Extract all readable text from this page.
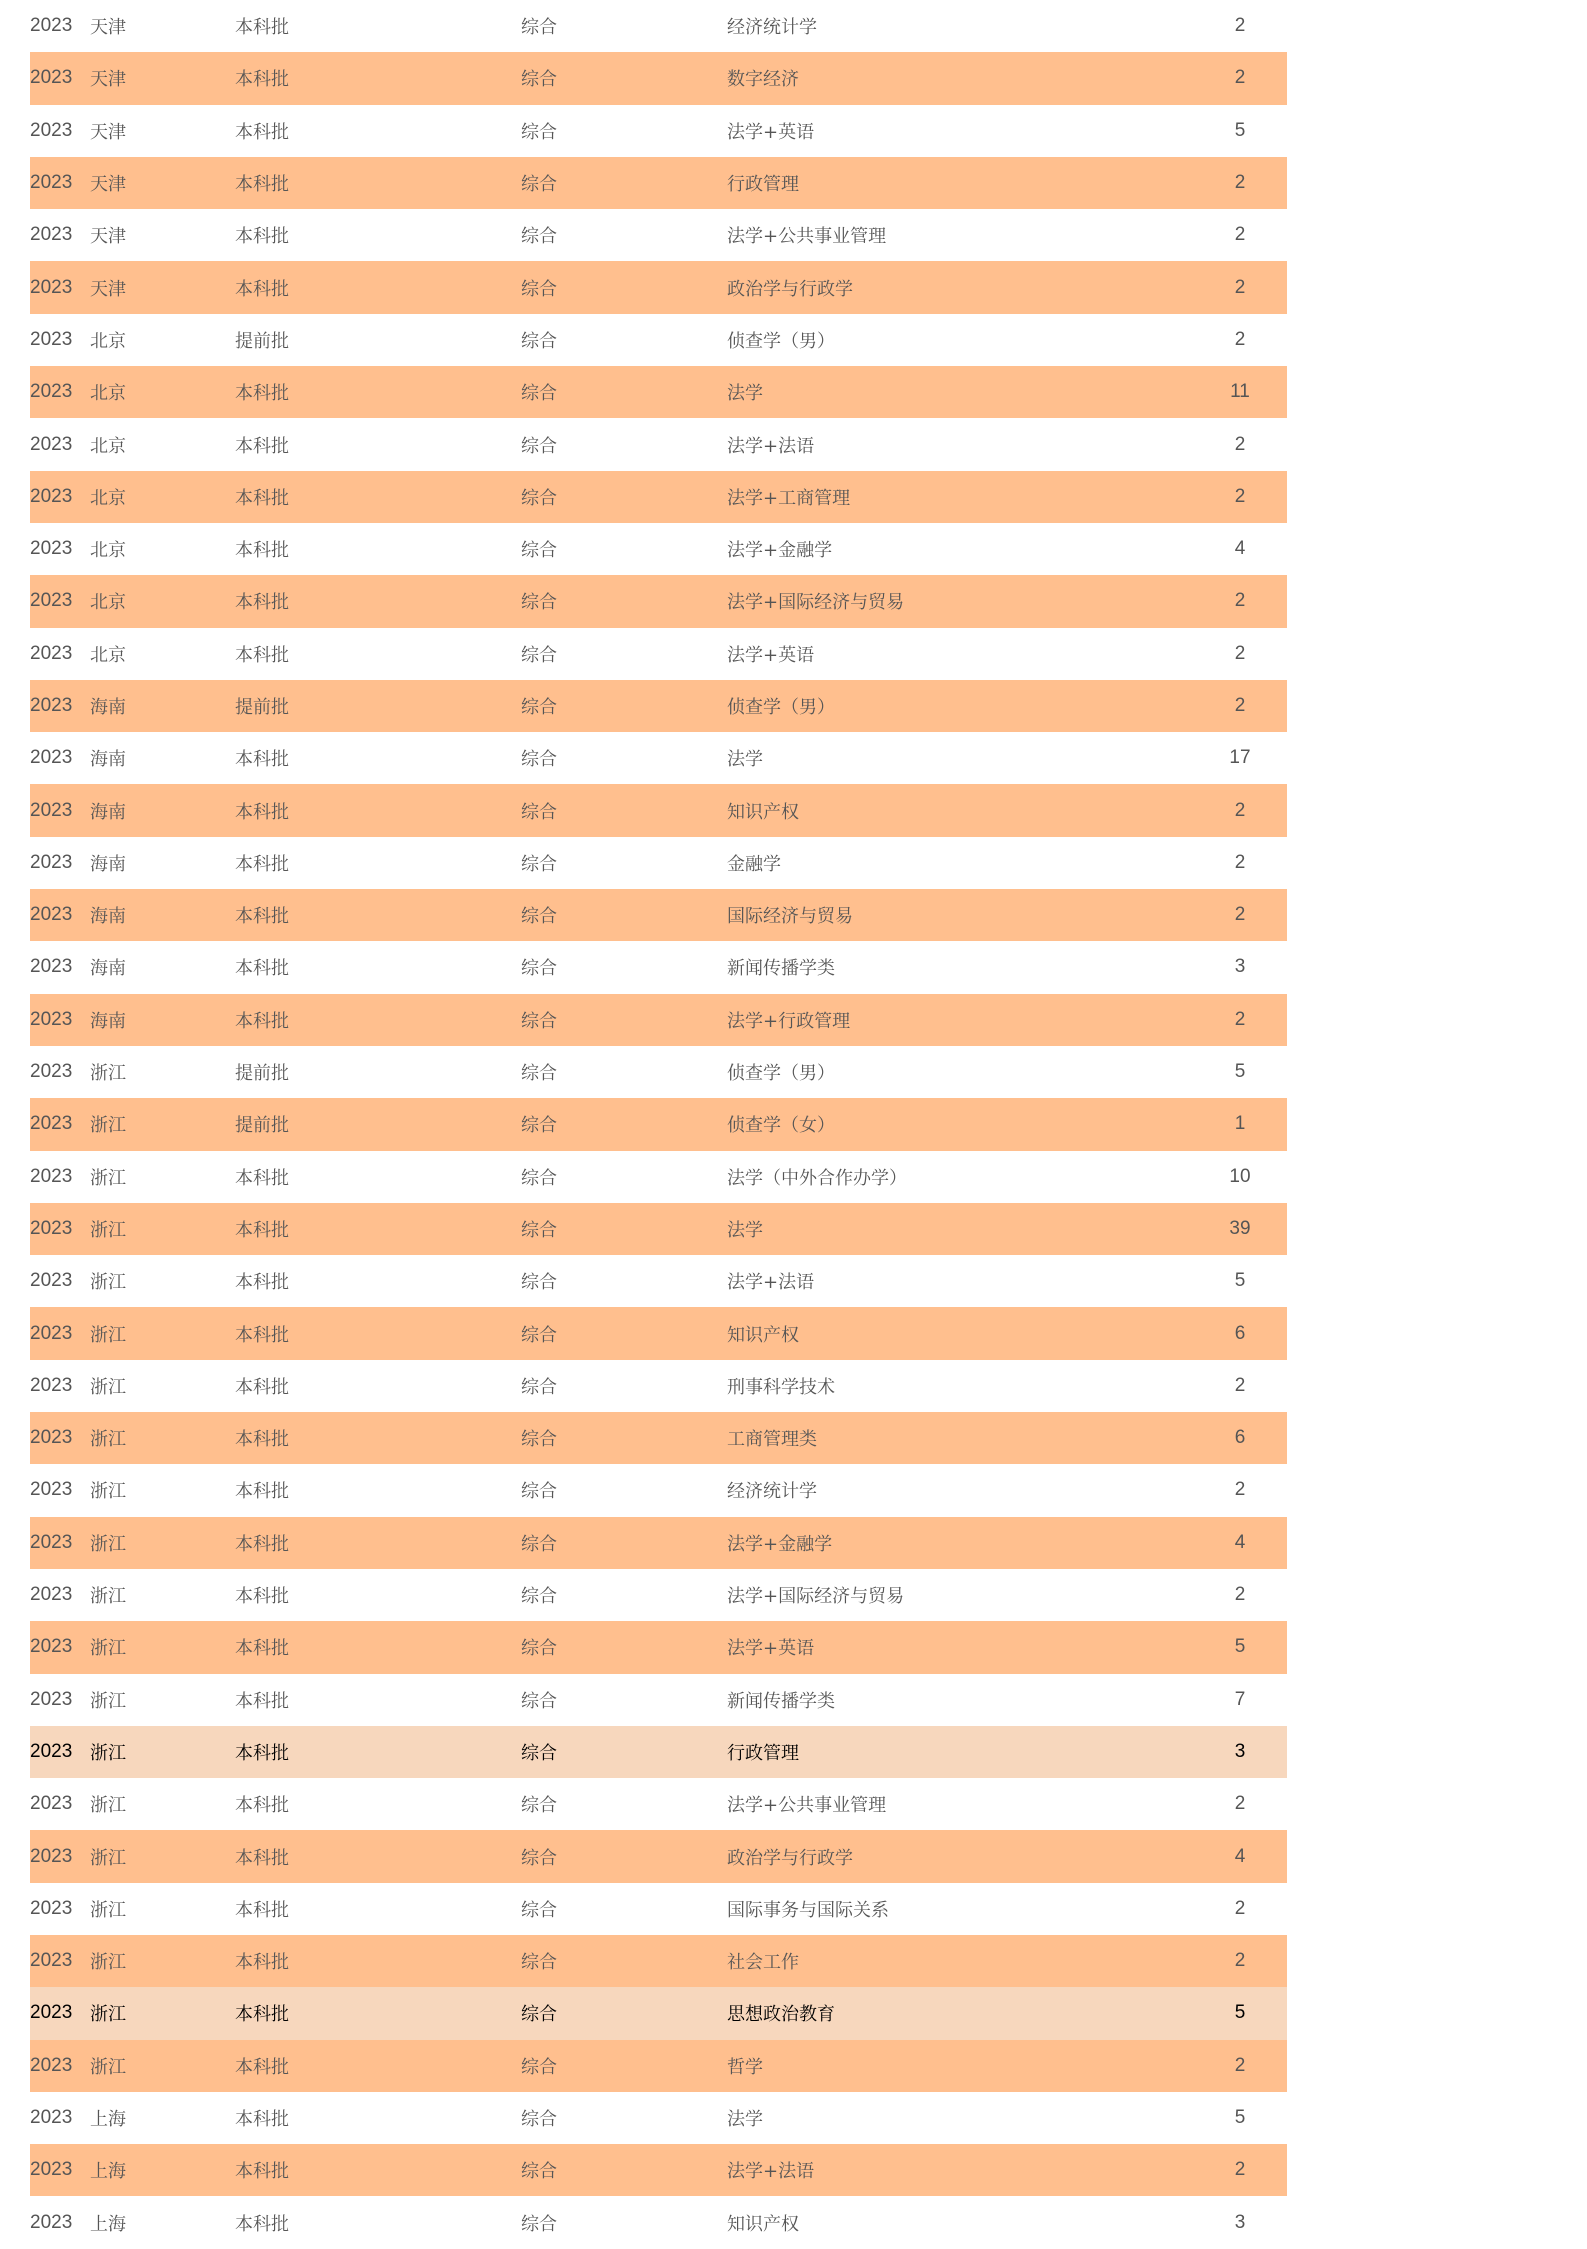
2023 天津	本科批	综合	经济统计学	2
2023 天津	本科批	综合	数字经济	2
2023 天津	本科批	综合	法学+英语	5
2023 天津	本科批	综合	行政管理	2
2023 天津	本科批	综合	法学+公共事业管理	2
2023 天津	本科批	综合	政治学与行政学	2
2023 北京	提前批	综合	侦查学（男）	2
2023 北京	本科批	综合	法学	11
2023 北京	本科批	综合	法学+法语	2
2023 北京	本科批	综合	法学+工商管理	2
2023 北京	本科批	综合	法学+金融学	4
2023 北京	本科批	综合	法学+国际经济与贸易	2
2023 北京	本科批	综合	法学+英语	2
2023 海南	提前批	综合	侦查学（男）	2
2023 海南	本科批	综合	法学	17
2023 海南	本科批	综合	知识产权	2
2023 海南	本科批	综合	金融学	2
2023 海南	本科批	综合	国际经济与贸易	2
2023 海南	本科批	综合	新闻传播学类	3
2023 海南	本科批	综合	法学+行政管理	2
2023 浙江	提前批	综合	侦查学（男）	5
2023 浙江	提前批	综合	侦查学（女）	1
2023 浙江	本科批	综合	法学（中外合作办学）	10
2023 浙江	本科批	综合	法学	39
2023 浙江	本科批	综合	法学+法语	5
2023 浙江	本科批	综合	知识产权	6
2023 浙江	本科批	综合	刑事科学技术	2
2023 浙江	本科批	综合	工商管理类	6
2023 浙江	本科批	综合	经济统计学	2
2023 浙江	本科批	综合	法学+金融学	4
2023 浙江	本科批	综合	法学+国际经济与贸易	2
2023 浙江	本科批	综合	法学+英语	5
2023 浙江	本科批	综合	新闻传播学类	7
2023 浙江	本科批	综合	行政管理	3
2023 浙江	本科批	综合	法学+公共事业管理	2
2023 浙江	本科批	综合	政治学与行政学	4
2023 浙江	本科批	综合	国际事务与国际关系	2
2023 浙江	本科批	综合	社会工作	2
2023 浙江	本科批	综合	思想政治教育	5
2023 浙江	本科批	综合	哲学	2
2023 上海	本科批	综合	法学	5
2023 上海	本科批	综合	法学+法语	2
2023 上海	本科批	综合	知识产权	3
